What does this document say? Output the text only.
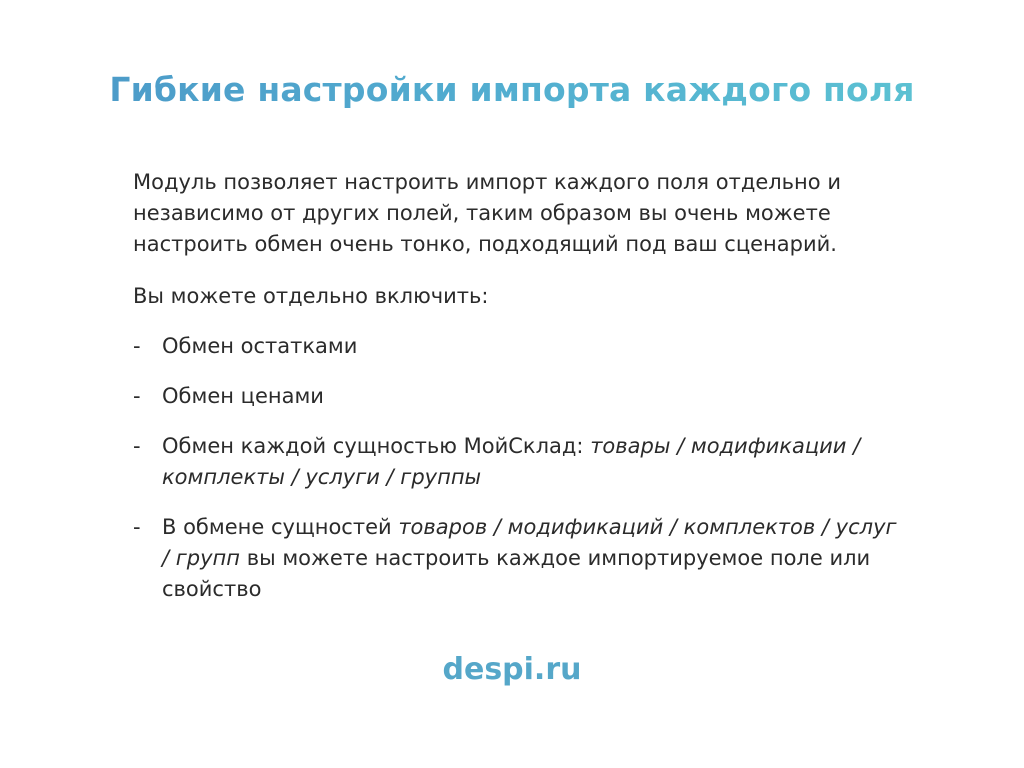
Гибкие настройки импорта каждого поля

Модуль позволяет настроить импорт каждого поля отдельно и независимо от других полей, таким образом вы очень можете настроить обмен очень тонко, подходящий под ваш сценарий.

Вы можете отдельно включить:

- Обмен остатками
- Обмен ценами
- Обмен каждой сущностью МойСклад: товары / модификации / комплекты / услуги / группы
- В обмене сущностей товаров / модификаций / комплектов / услуг / групп вы можете настроить каждое импортируемое поле или свойство
despi.ru
